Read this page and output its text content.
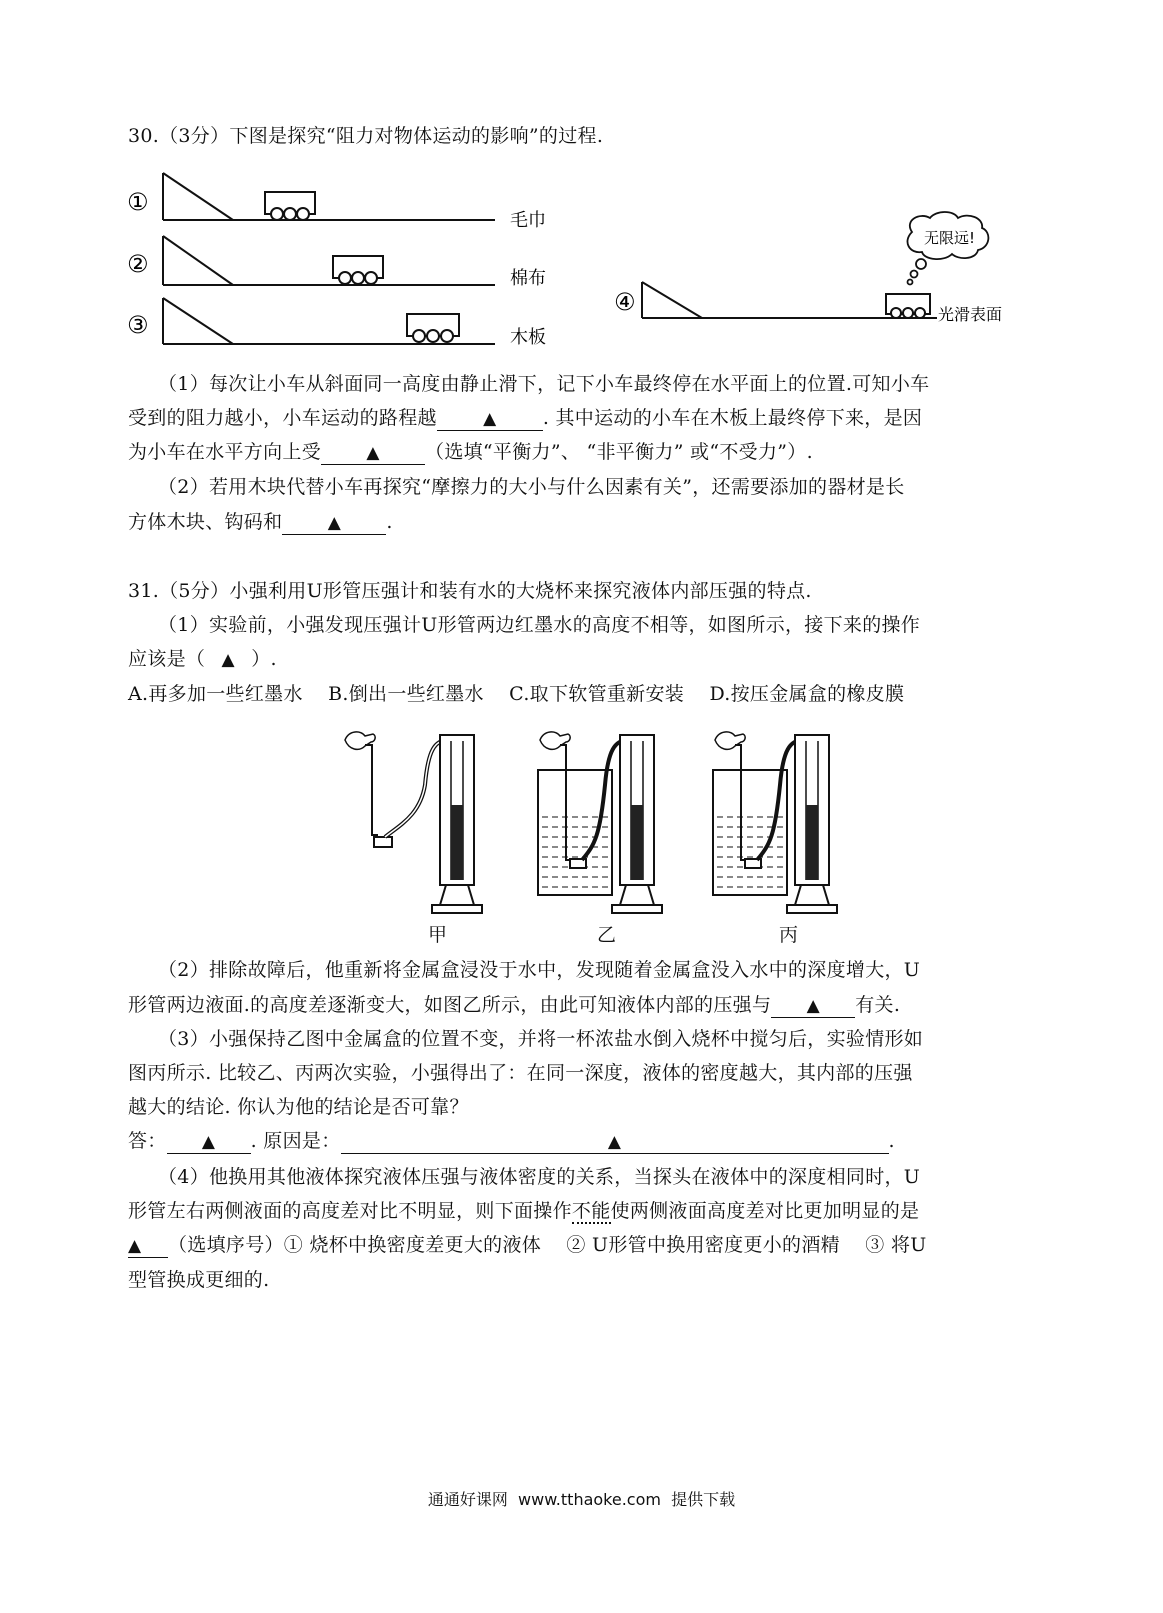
30.（3分）下图是探究“阻力对物体运动的影响”的过程.
①
②
③
毛巾
棉布
木板
无限远!
④	光滑表面
（1）每次让小车从斜面同一高度由静止滑下，记下小车最终停在水平面上的位置.可知小车
受到的阻力越小，小车运动的路程越	▲ . 其中运动的小车在木板上最终停下来，是因
为小车在水平方向上受	▲ （选填“平衡力”、 “非平衡力” 或“不受力”）.
（2）若用木块代替小车再探究“摩擦力的大小与什么因素有关”，还需要添加的器材是长
方体木块、钩码和	▲ .
31.（5分）小强利用U形管压强计和装有水的大烧杯来探究液体内部压强的特点.
（1）实验前，小强发现压强计U形管两边红墨水的高度不相等，如图所示，接下来的操作
应该是（ ▲ ）.
A.再多加一些红墨水    B.倒出一些红墨水    C.取下软管重新安装    D.按压金属盒的橡皮膜
甲	乙	丙
（2）排除故障后，他重新将金属盒浸没于水中，发现随着金属盒没入水中的深度增大，U
形管两边液面.的高度差逐渐变大，如图乙所示，由此可知液体内部的压强与 ▲ 有关.
（3）小强保持乙图中金属盒的位置不变，并将一杯浓盐水倒入烧杯中搅匀后，实验情形如
图丙所示. 比较乙、丙两次实验，小强得出了：在同一深度，液体的密度越大，其内部的压强
越大的结论. 你认为他的结论是否可靠？
答： ▲ . 原因是：	▲	.
（4）他换用其他液体探究液体压强与液体密度的关系，当探头在液体中的深度相同时，U
形管左右两侧液面的高度差对比不明显，则下面操作不能使两侧液面高度差对比更加明显的是
▲ （选填序号）① 烧杯中换密度差更大的液体    ② U形管中换用密度更小的酒精    ③ 将U
型管换成更细的.
通通好课网  www.tthaoke.com  提供下载
